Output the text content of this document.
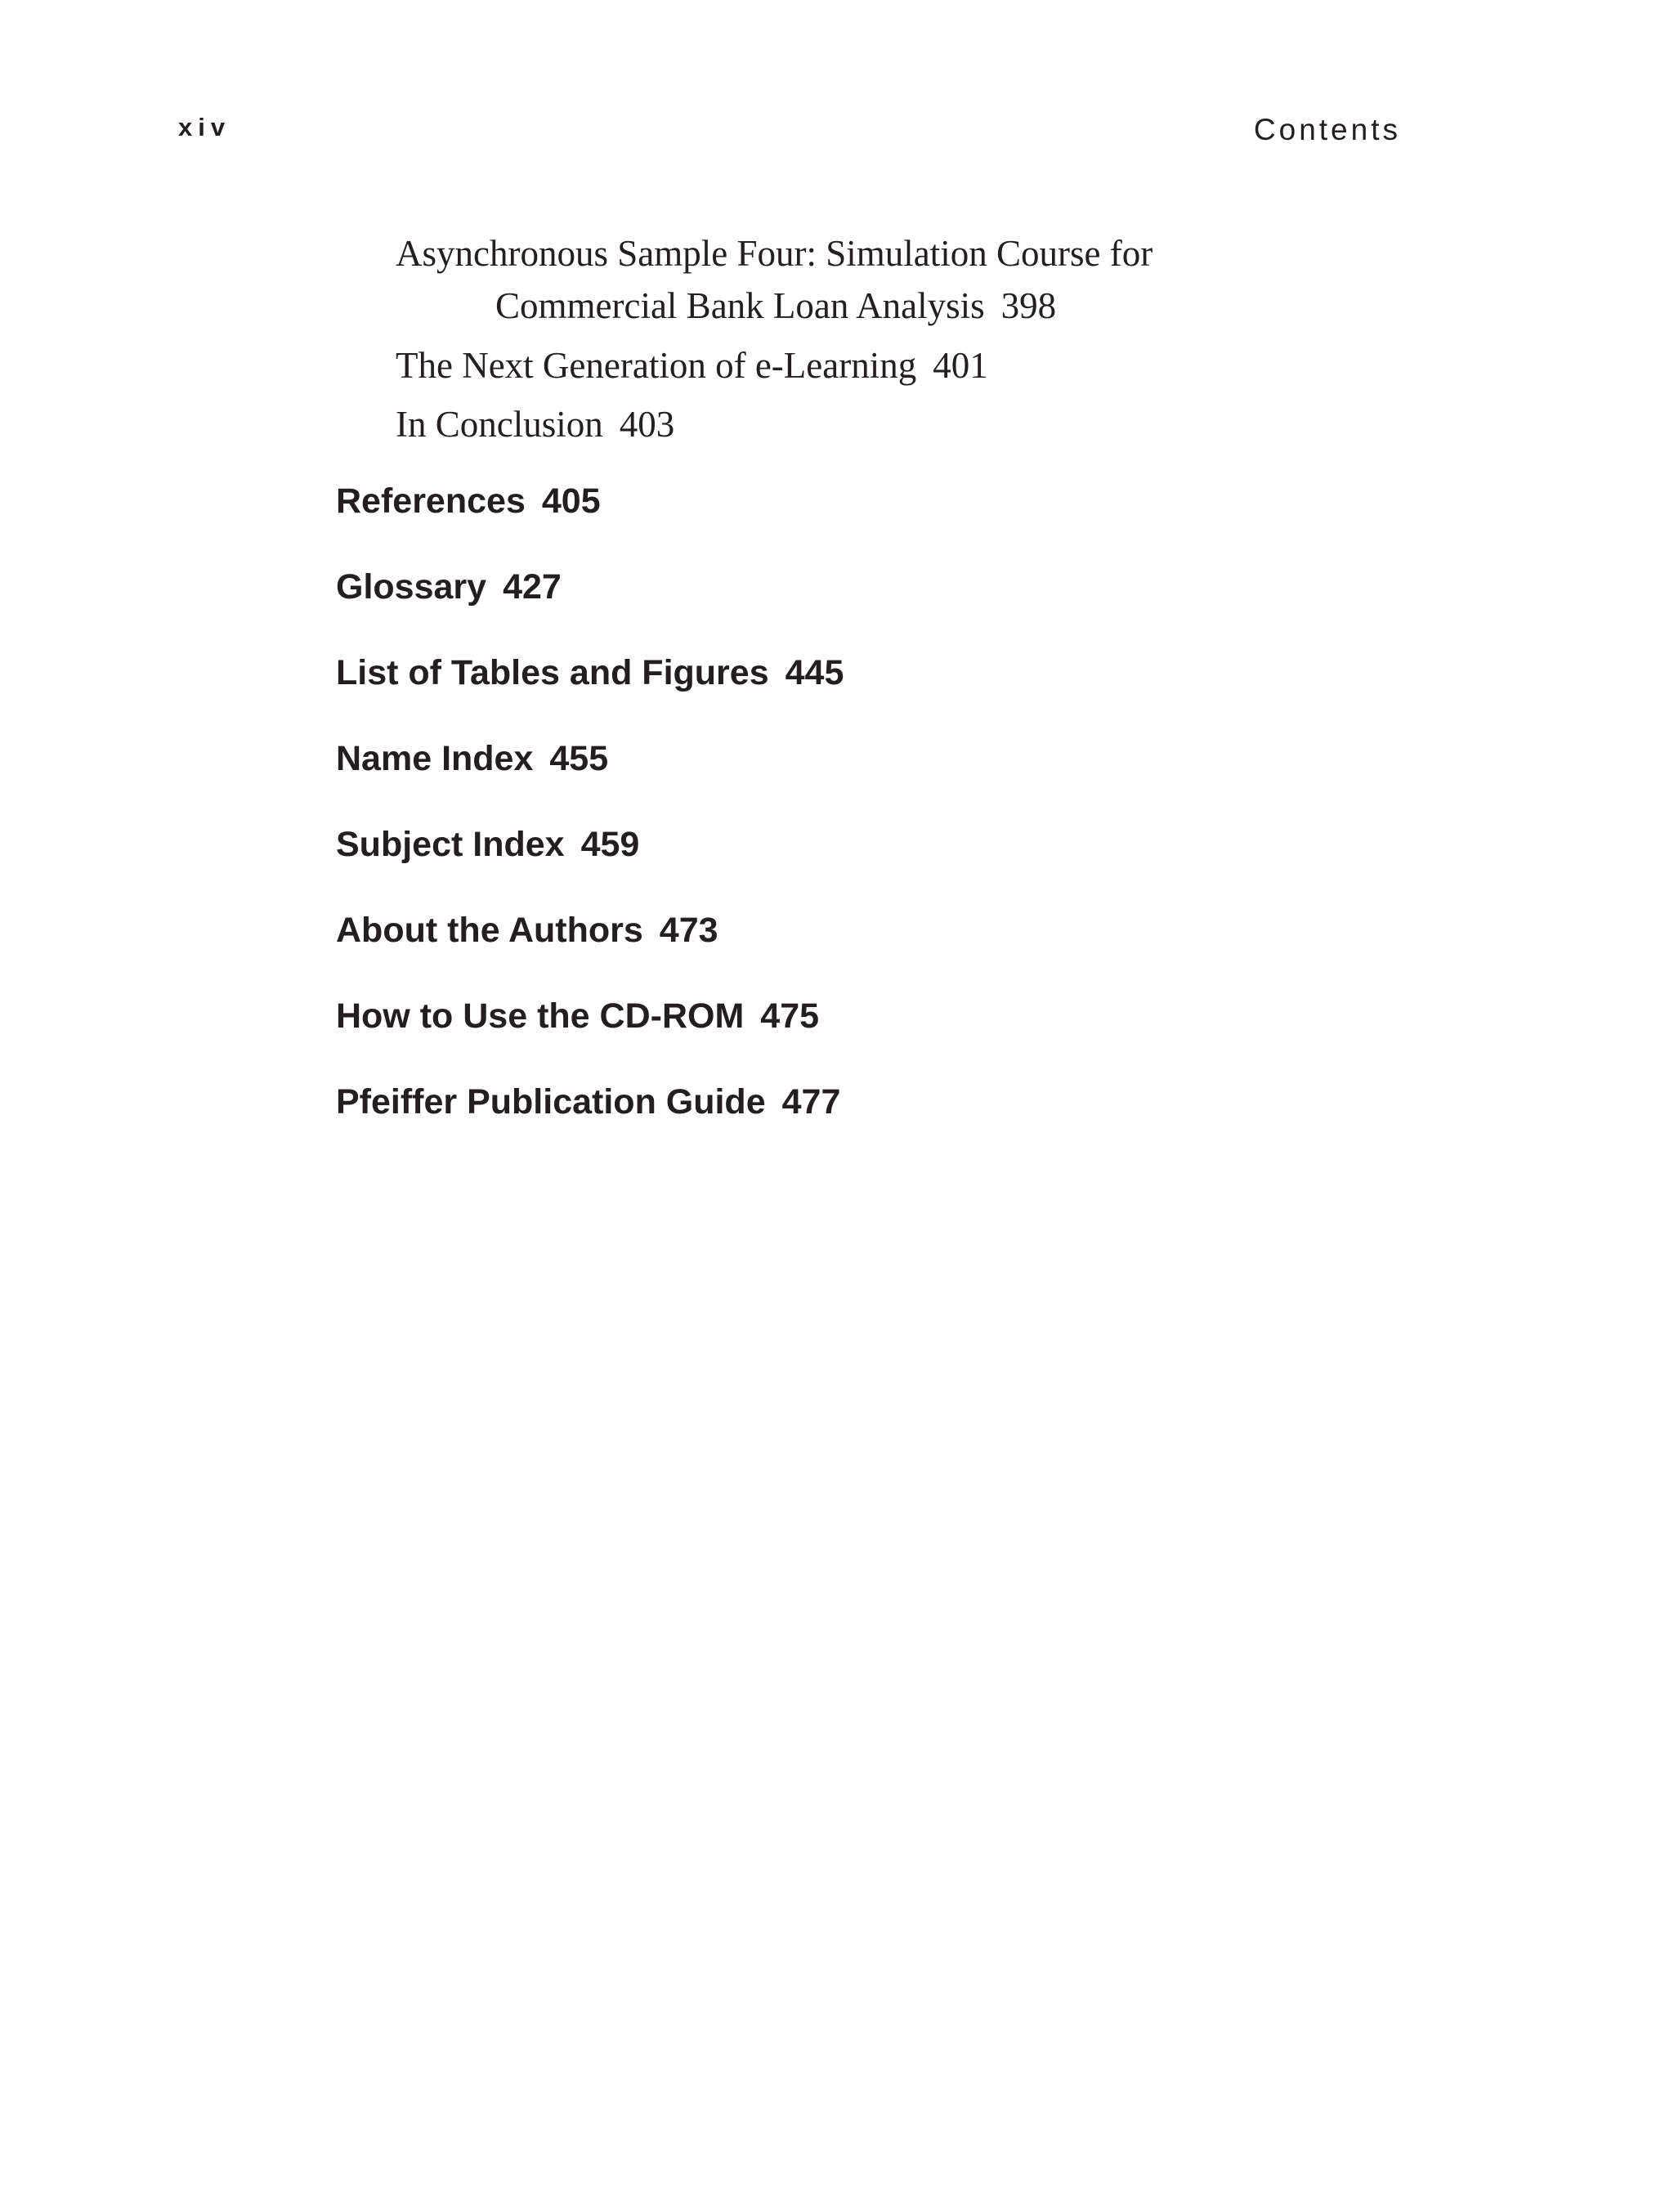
xiv	Contents
Asynchronous Sample Four: Simulation Course for
Commercial Bank Loan Analysis 398
The Next Generation of e-Learning 401
In Conclusion 403
References 405
Glossary 427
List of Tables and Figures 445
Name Index 455
Subject Index 459
About the Authors 473
How to Use the CD-ROM 475
Pfeiffer Publication Guide 477
